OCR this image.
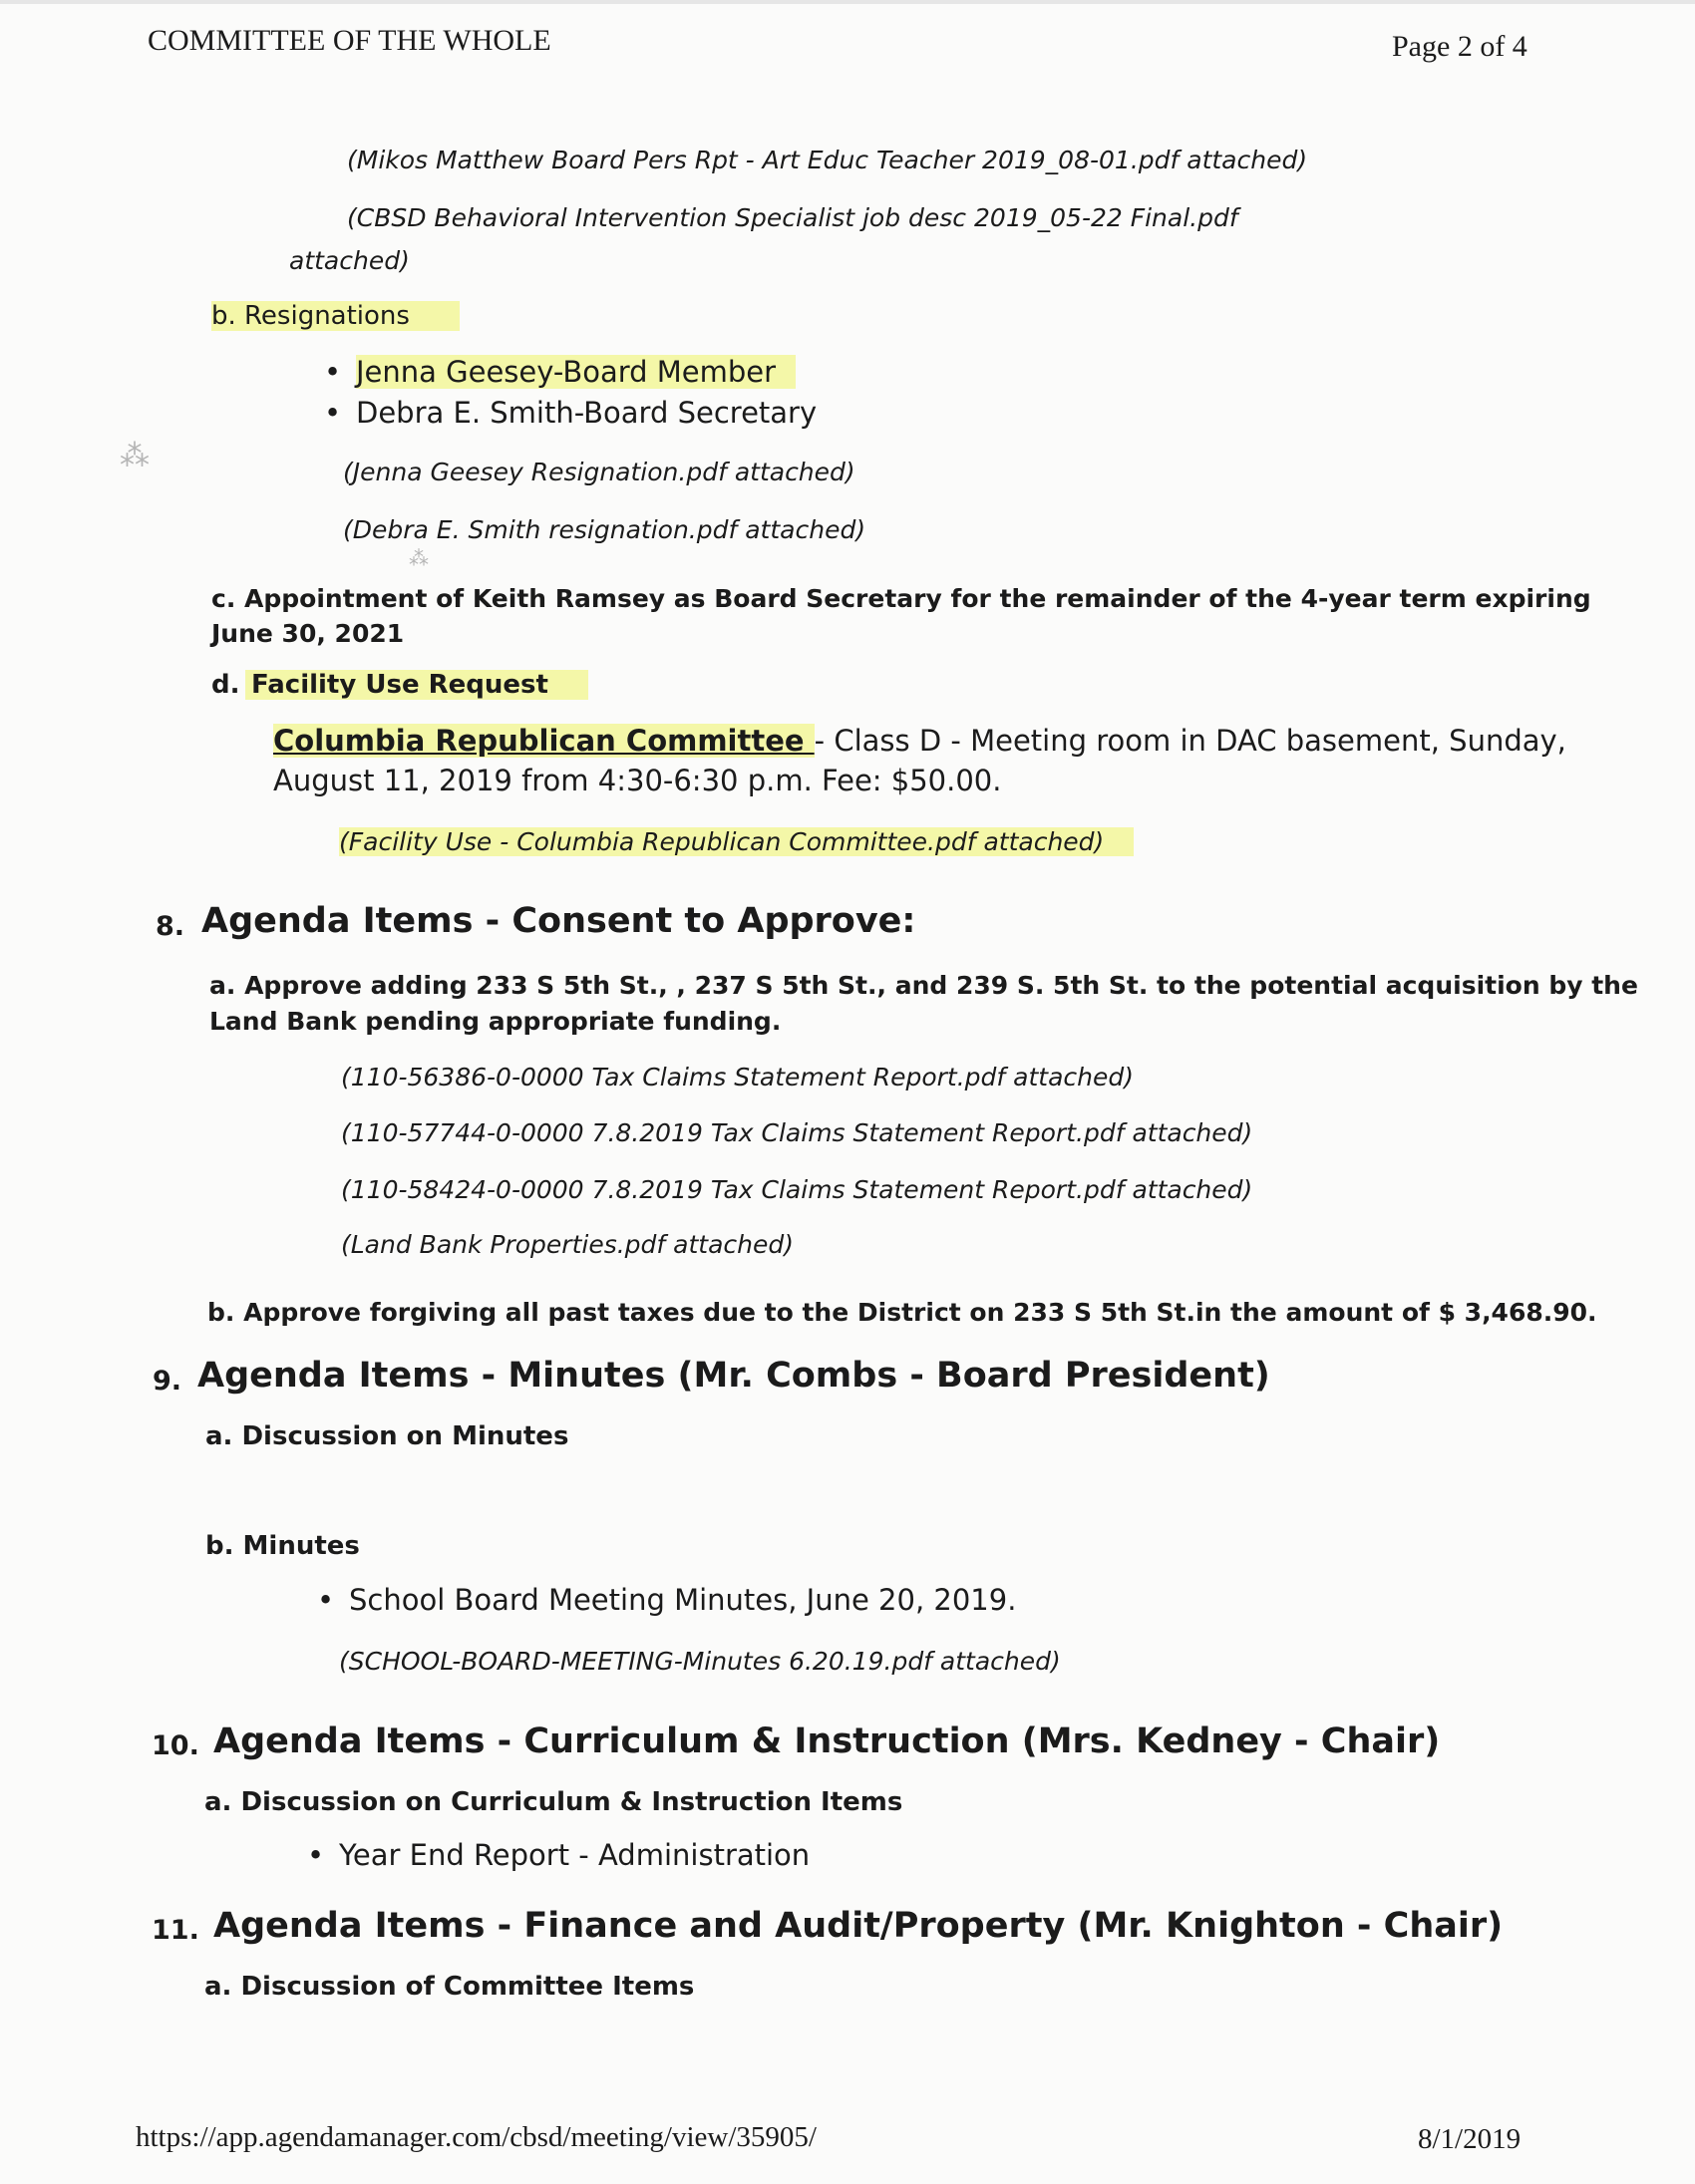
COMMITTEE OF THE WHOLE	Page 2 of 4
(Mikos Matthew Board Pers Rpt - Art Educ Teacher 2019_08-01.pdf attached)
(CBSD Behavioral Intervention Specialist job desc 2019_05-22 Final.pdf
attached)
b. Resignations
• Jenna Geesey-Board Member
• Debra E. Smith-Board Secretary
(Jenna Geesey Resignation.pdf attached)
(Debra E. Smith resignation.pdf attached)
c. Appointment of Keith Ramsey as Board Secretary for the remainder of the 4-year term expiring
June 30, 2021
d. Facility Use Request
Columbia Republican Committee - Class D - Meeting room in DAC basement, Sunday,
August 11, 2019 from 4:30-6:30 p.m. Fee: $50.00.
(Facility Use - Columbia Republican Committee.pdf attached)
8. Agenda Items - Consent to Approve:
a. Approve adding 233 S 5th St., , 237 S 5th St., and 239 S. 5th St. to the potential acquisition by the
Land Bank pending appropriate funding.
(110-56386-0-0000 Tax Claims Statement Report.pdf attached)
(110-57744-0-0000 7.8.2019 Tax Claims Statement Report.pdf attached)
(110-58424-0-0000 7.8.2019 Tax Claims Statement Report.pdf attached)
(Land Bank Properties.pdf attached)
b. Approve forgiving all past taxes due to the District on 233 S 5th St.in the amount of $ 3,468.90.
9. Agenda Items - Minutes (Mr. Combs - Board President)
a. Discussion on Minutes
b. Minutes
• School Board Meeting Minutes, June 20, 2019.
(SCHOOL-BOARD-MEETING-Minutes 6.20.19.pdf attached)
10. Agenda Items - Curriculum & Instruction (Mrs. Kedney - Chair)
a. Discussion on Curriculum & Instruction Items
• Year End Report - Administration
11. Agenda Items - Finance and Audit/Property (Mr. Knighton - Chair)
a. Discussion of Committee Items
https://app.agendamanager.com/cbsd/meeting/view/35905/	8/1/2019
⁂
⁂
